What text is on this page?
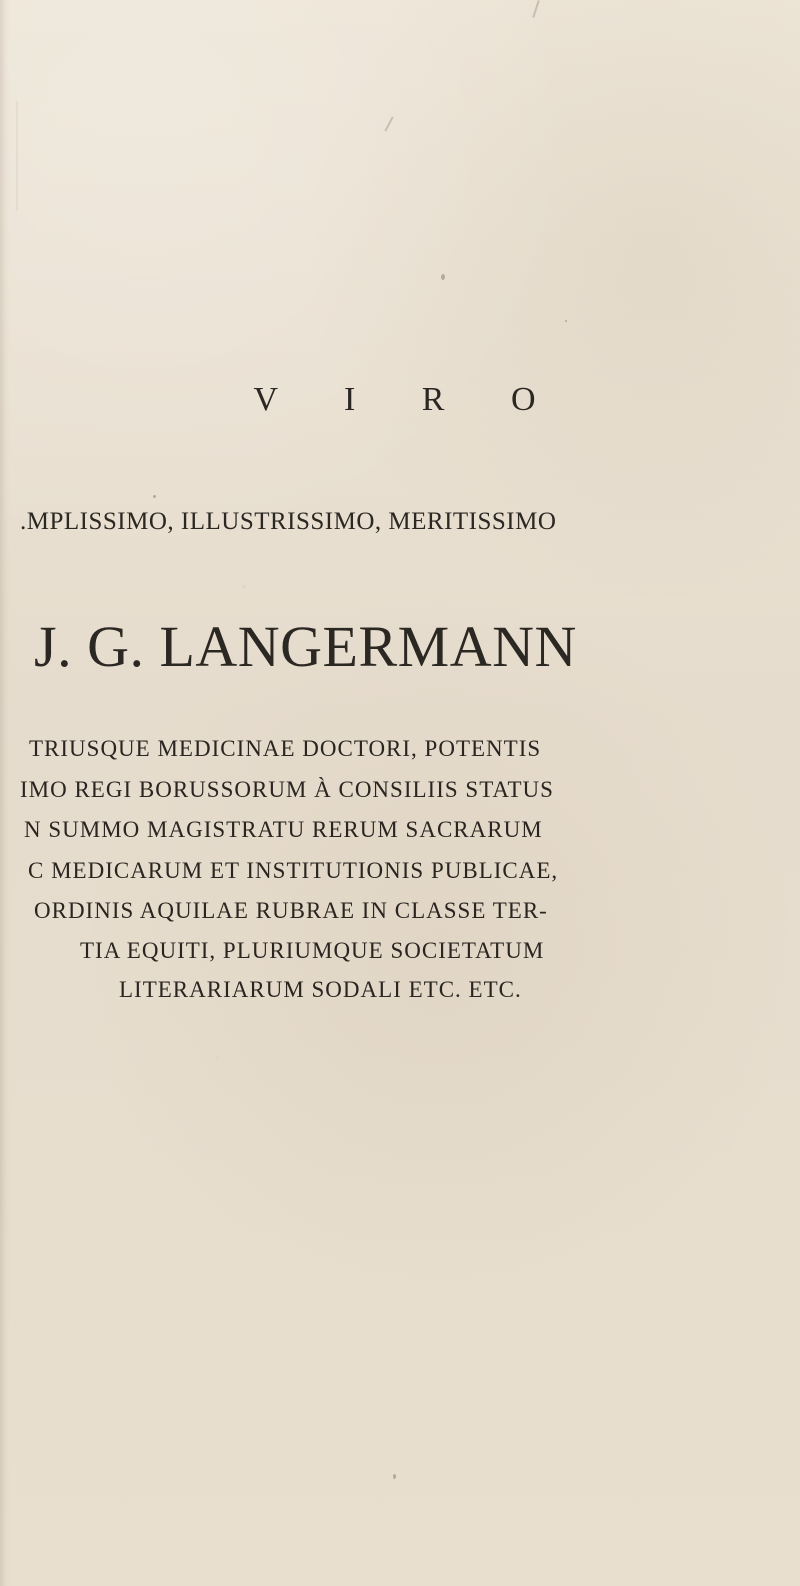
.
.
V I R O
.MPLISSIMO, ILLUSTRISSIMO, MERITISSIMO
J. G. LANGERMANN
TRIUSQUE MEDICINAE DOCTORI, POTENTIS
IMO REGI BORUSSORUM À CONSILIIS STATUS
N SUMMO MAGISTRATU RERUM SACRARUM
C MEDICARUM ET INSTITUTIONIS PUBLICAE,
ORDINIS AQUILAE RUBRAE IN CLASSE TER-
TIA EQUITI, PLURIUMQUE SOCIETATUM
LITERARIARUM SODALI ETC. ETC.
